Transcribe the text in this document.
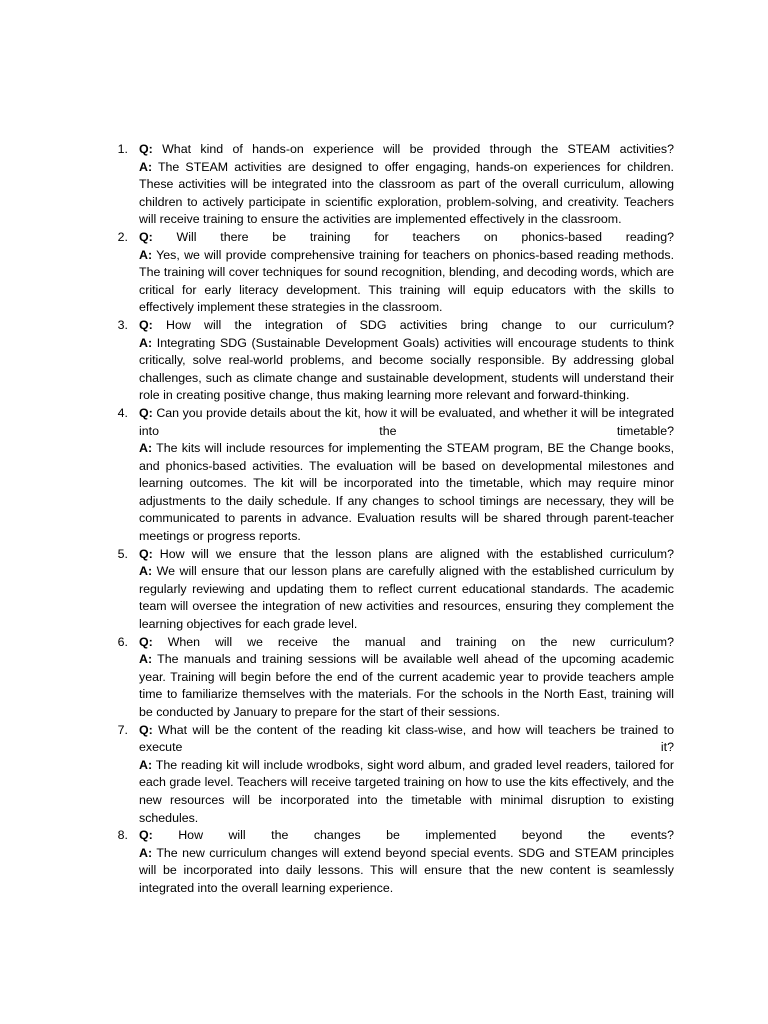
1. Q: What kind of hands-on experience will be provided through the STEAM activities?
A: The STEAM activities are designed to offer engaging, hands-on experiences for children. These activities will be integrated into the classroom as part of the overall curriculum, allowing children to actively participate in scientific exploration, problem-solving, and creativity. Teachers will receive training to ensure the activities are implemented effectively in the classroom.
2. Q: Will there be training for teachers on phonics-based reading?
A: Yes, we will provide comprehensive training for teachers on phonics-based reading methods. The training will cover techniques for sound recognition, blending, and decoding words, which are critical for early literacy development. This training will equip educators with the skills to effectively implement these strategies in the classroom.
3. Q: How will the integration of SDG activities bring change to our curriculum?
A: Integrating SDG (Sustainable Development Goals) activities will encourage students to think critically, solve real-world problems, and become socially responsible. By addressing global challenges, such as climate change and sustainable development, students will understand their role in creating positive change, thus making learning more relevant and forward-thinking.
4. Q: Can you provide details about the kit, how it will be evaluated, and whether it will be integrated into the timetable?
A: The kits will include resources for implementing the STEAM program, BE the Change books, and phonics-based activities. The evaluation will be based on developmental milestones and learning outcomes. The kit will be incorporated into the timetable, which may require minor adjustments to the daily schedule. If any changes to school timings are necessary, they will be communicated to parents in advance. Evaluation results will be shared through parent-teacher meetings or progress reports.
5. Q: How will we ensure that the lesson plans are aligned with the established curriculum?
A: We will ensure that our lesson plans are carefully aligned with the established curriculum by regularly reviewing and updating them to reflect current educational standards. The academic team will oversee the integration of new activities and resources, ensuring they complement the learning objectives for each grade level.
6. Q: When will we receive the manual and training on the new curriculum?
A: The manuals and training sessions will be available well ahead of the upcoming academic year. Training will begin before the end of the current academic year to provide teachers ample time to familiarize themselves with the materials. For the schools in the North East, training will be conducted by January to prepare for the start of their sessions.
7. Q: What will be the content of the reading kit class-wise, and how will teachers be trained to execute it?
A: The reading kit will include wrodboks, sight word album, and graded level readers, tailored for each grade level. Teachers will receive targeted training on how to use the kits effectively, and the new resources will be incorporated into the timetable with minimal disruption to existing schedules.
8. Q: How will the changes be implemented beyond the events?
A: The new curriculum changes will extend beyond special events. SDG and STEAM principles will be incorporated into daily lessons. This will ensure that the new content is seamlessly integrated into the overall learning experience.
